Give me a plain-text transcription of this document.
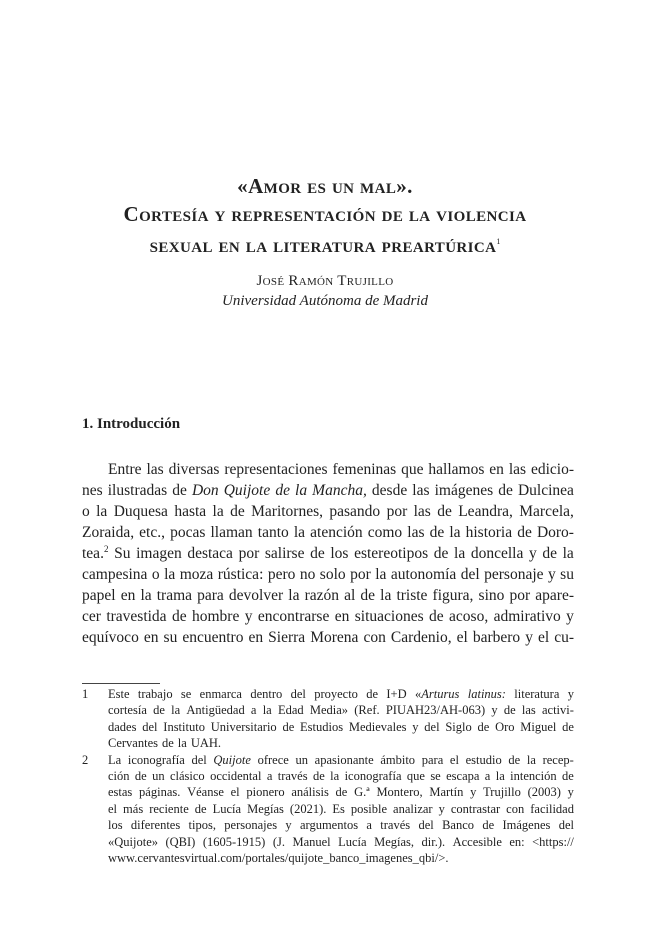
«Amor es un mal».
Cortesía y representación de la violencia
sexual en la literatura preartúrica$^1$
José Ramón Trujillo
Universidad Autónoma de Madrid
1. Introducción
Entre las diversas representaciones femeninas que hallamos en las edicio-
nes ilustradas de Don Quijote de la Mancha, desde las imágenes de Dulcinea
o la Duquesa hasta la de Maritornes, pasando por las de Leandra, Marcela,
Zoraida, etc., pocas llaman tanto la atención como las de la historia de Doro-
tea.$^2$ Su imagen destaca por salirse de los estereotipos de la doncella y de la
campesina o la moza rústica: pero no solo por la autonomía del personaje y su
papel en la trama para devolver la razón al de la triste figura, sino por apare-
cer travestida de hombre y encontrarse en situaciones de acoso, admirativo y
equívoco en su encuentro en Sierra Morena con Cardenio, el barbero y el cu-
1 Este trabajo se enmarca dentro del proyecto de I+D «Arturus latinus: literatura y
cortesía de la Antigüedad a la Edad Media» (Ref. PIUAH23/AH-063) y de las activi-
dades del Instituto Universitario de Estudios Medievales y del Siglo de Oro Miguel de
Cervantes de la UAH.
2 La iconografía del Quijote ofrece un apasionante ámbito para el estudio de la recep-
ción de un clásico occidental a través de la iconografía que se escapa a la intención de
estas páginas. Véanse el pionero análisis de G.ª Montero, Martín y Trujillo (2003) y
el más reciente de Lucía Megías (2021). Es posible analizar y contrastar con facilidad
los diferentes tipos, personajes y argumentos a través del Banco de Imágenes del
«Quijote» (QBI) (1605-1915) (J. Manuel Lucía Megías, dir.). Accesible en: <https://
www.cervantesvirtual.com/portales/quijote_banco_imagenes_qbi/>.
